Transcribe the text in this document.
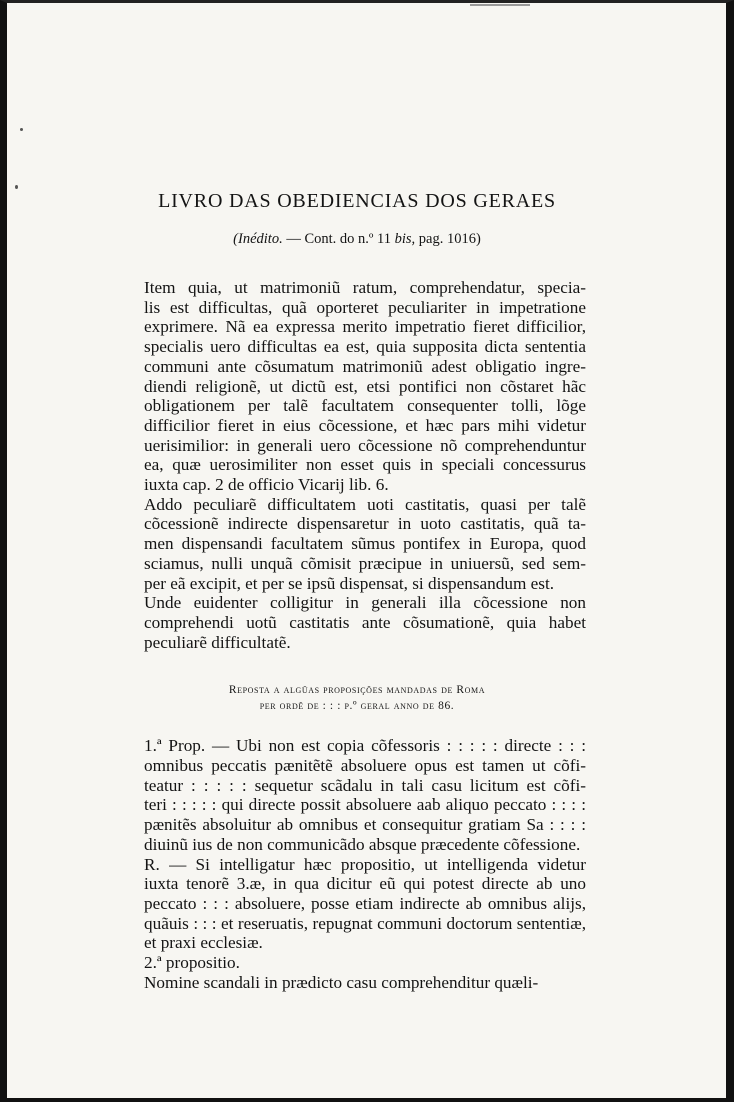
LIVRO DAS OBEDIENCIAS DOS GERAES
(Inédito. — Cont. do n.º 11 bis, pag. 1016)

Item quia, ut matrimoniũ ratum, comprehendatur, specia-
lis est difficultas, quã oporteret peculiariter in impetratione
exprimere. Nã ea expressa merito impetratio fieret difficilior,
specialis uero difficultas ea est, quia supposita dicta sententia
communi ante cõsumatum matrimoniũ adest obligatio ingre-
diendi religionẽ, ut dictũ est, etsi pontifici non cõstaret hãc
obligationem per talẽ facultatem consequenter tolli, lõge
difficilior fieret in eius cõcessione, et hæc pars mihi videtur
uerisimilior: in generali uero cõcessione nõ comprehenduntur
ea, quæ uerosimiliter non esset quis in speciali concessurus
iuxta cap. 2 de officio Vicarij lib. 6.

Addo peculiarẽ difficultatem uoti castitatis, quasi per talẽ
cõcessionẽ indirecte dispensaretur in uoto castitatis, quã ta-
men dispensandi facultatem sũmus pontifex in Europa, quod
sciamus, nulli unquã cõmisit præcipue in uniuersũ, sed sem-
per eã excipit, et per se ipsũ dispensat, si dispensandum est.

Unde euidenter colligitur in generali illa cõcessione non
comprehendi uotũ castitatis ante cõsumationẽ, quia habet
peculiarẽ difficultatẽ.

Reposta a algũas proposições mandadas de Roma
per ordẽ de : : : p.º geral anno de 86.

1.ª Prop. — Ubi non est copia cõfessoris : : : : : directe : : :
omnibus peccatis pænitẽtẽ absoluere opus est tamen ut cõfi-
teatur : : : : : sequetur scãdalu in tali casu licitum est cõfi-
teri : : : : : qui directe possit absoluere aab aliquo peccato : : : :
pænitẽs absoluitur ab omnibus et consequitur gratiam Sa : : : :
diuinũ ius de non communicãdo absque præcedente cõfessione.

R. — Si intelligatur hæc propositio, ut intelligenda videtur
iuxta tenorẽ 3.æ, in qua dicitur eũ qui potest directe ab uno
peccato : : : absoluere, posse etiam indirecte ab omnibus alijs,
quãuis : : : et reseruatis, repugnat communi doctorum sententiæ,
et praxi ecclesiæ.

2.ª propositio.

Nomine scandali in prædicto casu comprehenditur quæli-
